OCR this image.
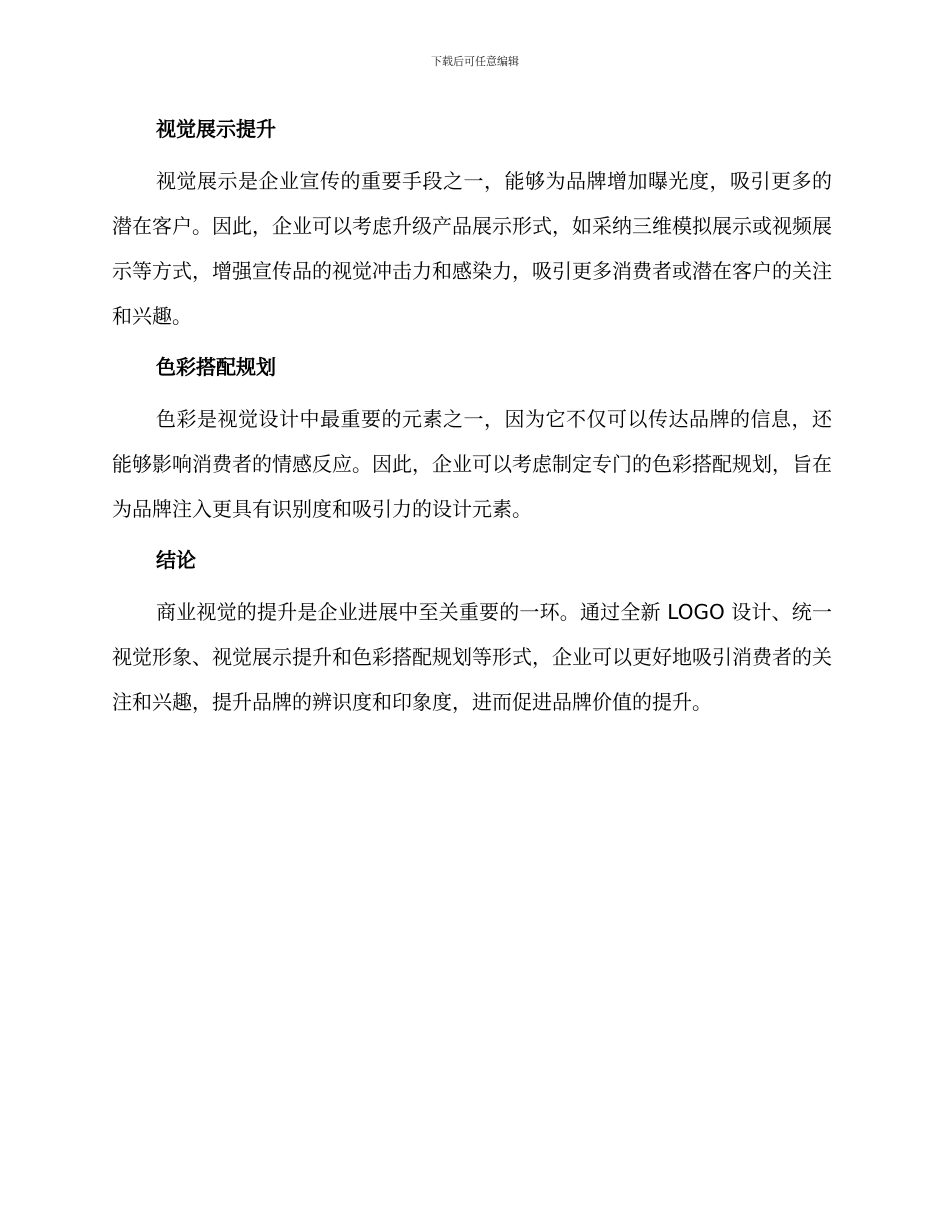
下载后可任意编辑
视觉展示提升

视觉展示是企业宣传的重要手段之一，能够为品牌增加曝光度，吸引更多的潜在客户。因此，企业可以考虑升级产品展示形式，如采纳三维模拟展示或视频展示等方式，增强宣传品的视觉冲击力和感染力，吸引更多消费者或潜在客户的关注和兴趣。

色彩搭配规划

色彩是视觉设计中最重要的元素之一，因为它不仅可以传达品牌的信息，还能够影响消费者的情感反应。因此，企业可以考虑制定专门的色彩搭配规划，旨在为品牌注入更具有识别度和吸引力的设计元素。

结论

商业视觉的提升是企业进展中至关重要的一环。通过全新 LOGO 设计、统一视觉形象、视觉展示提升和色彩搭配规划等形式，企业可以更好地吸引消费者的关注和兴趣，提升品牌的辨识度和印象度，进而促进品牌价值的提升。
